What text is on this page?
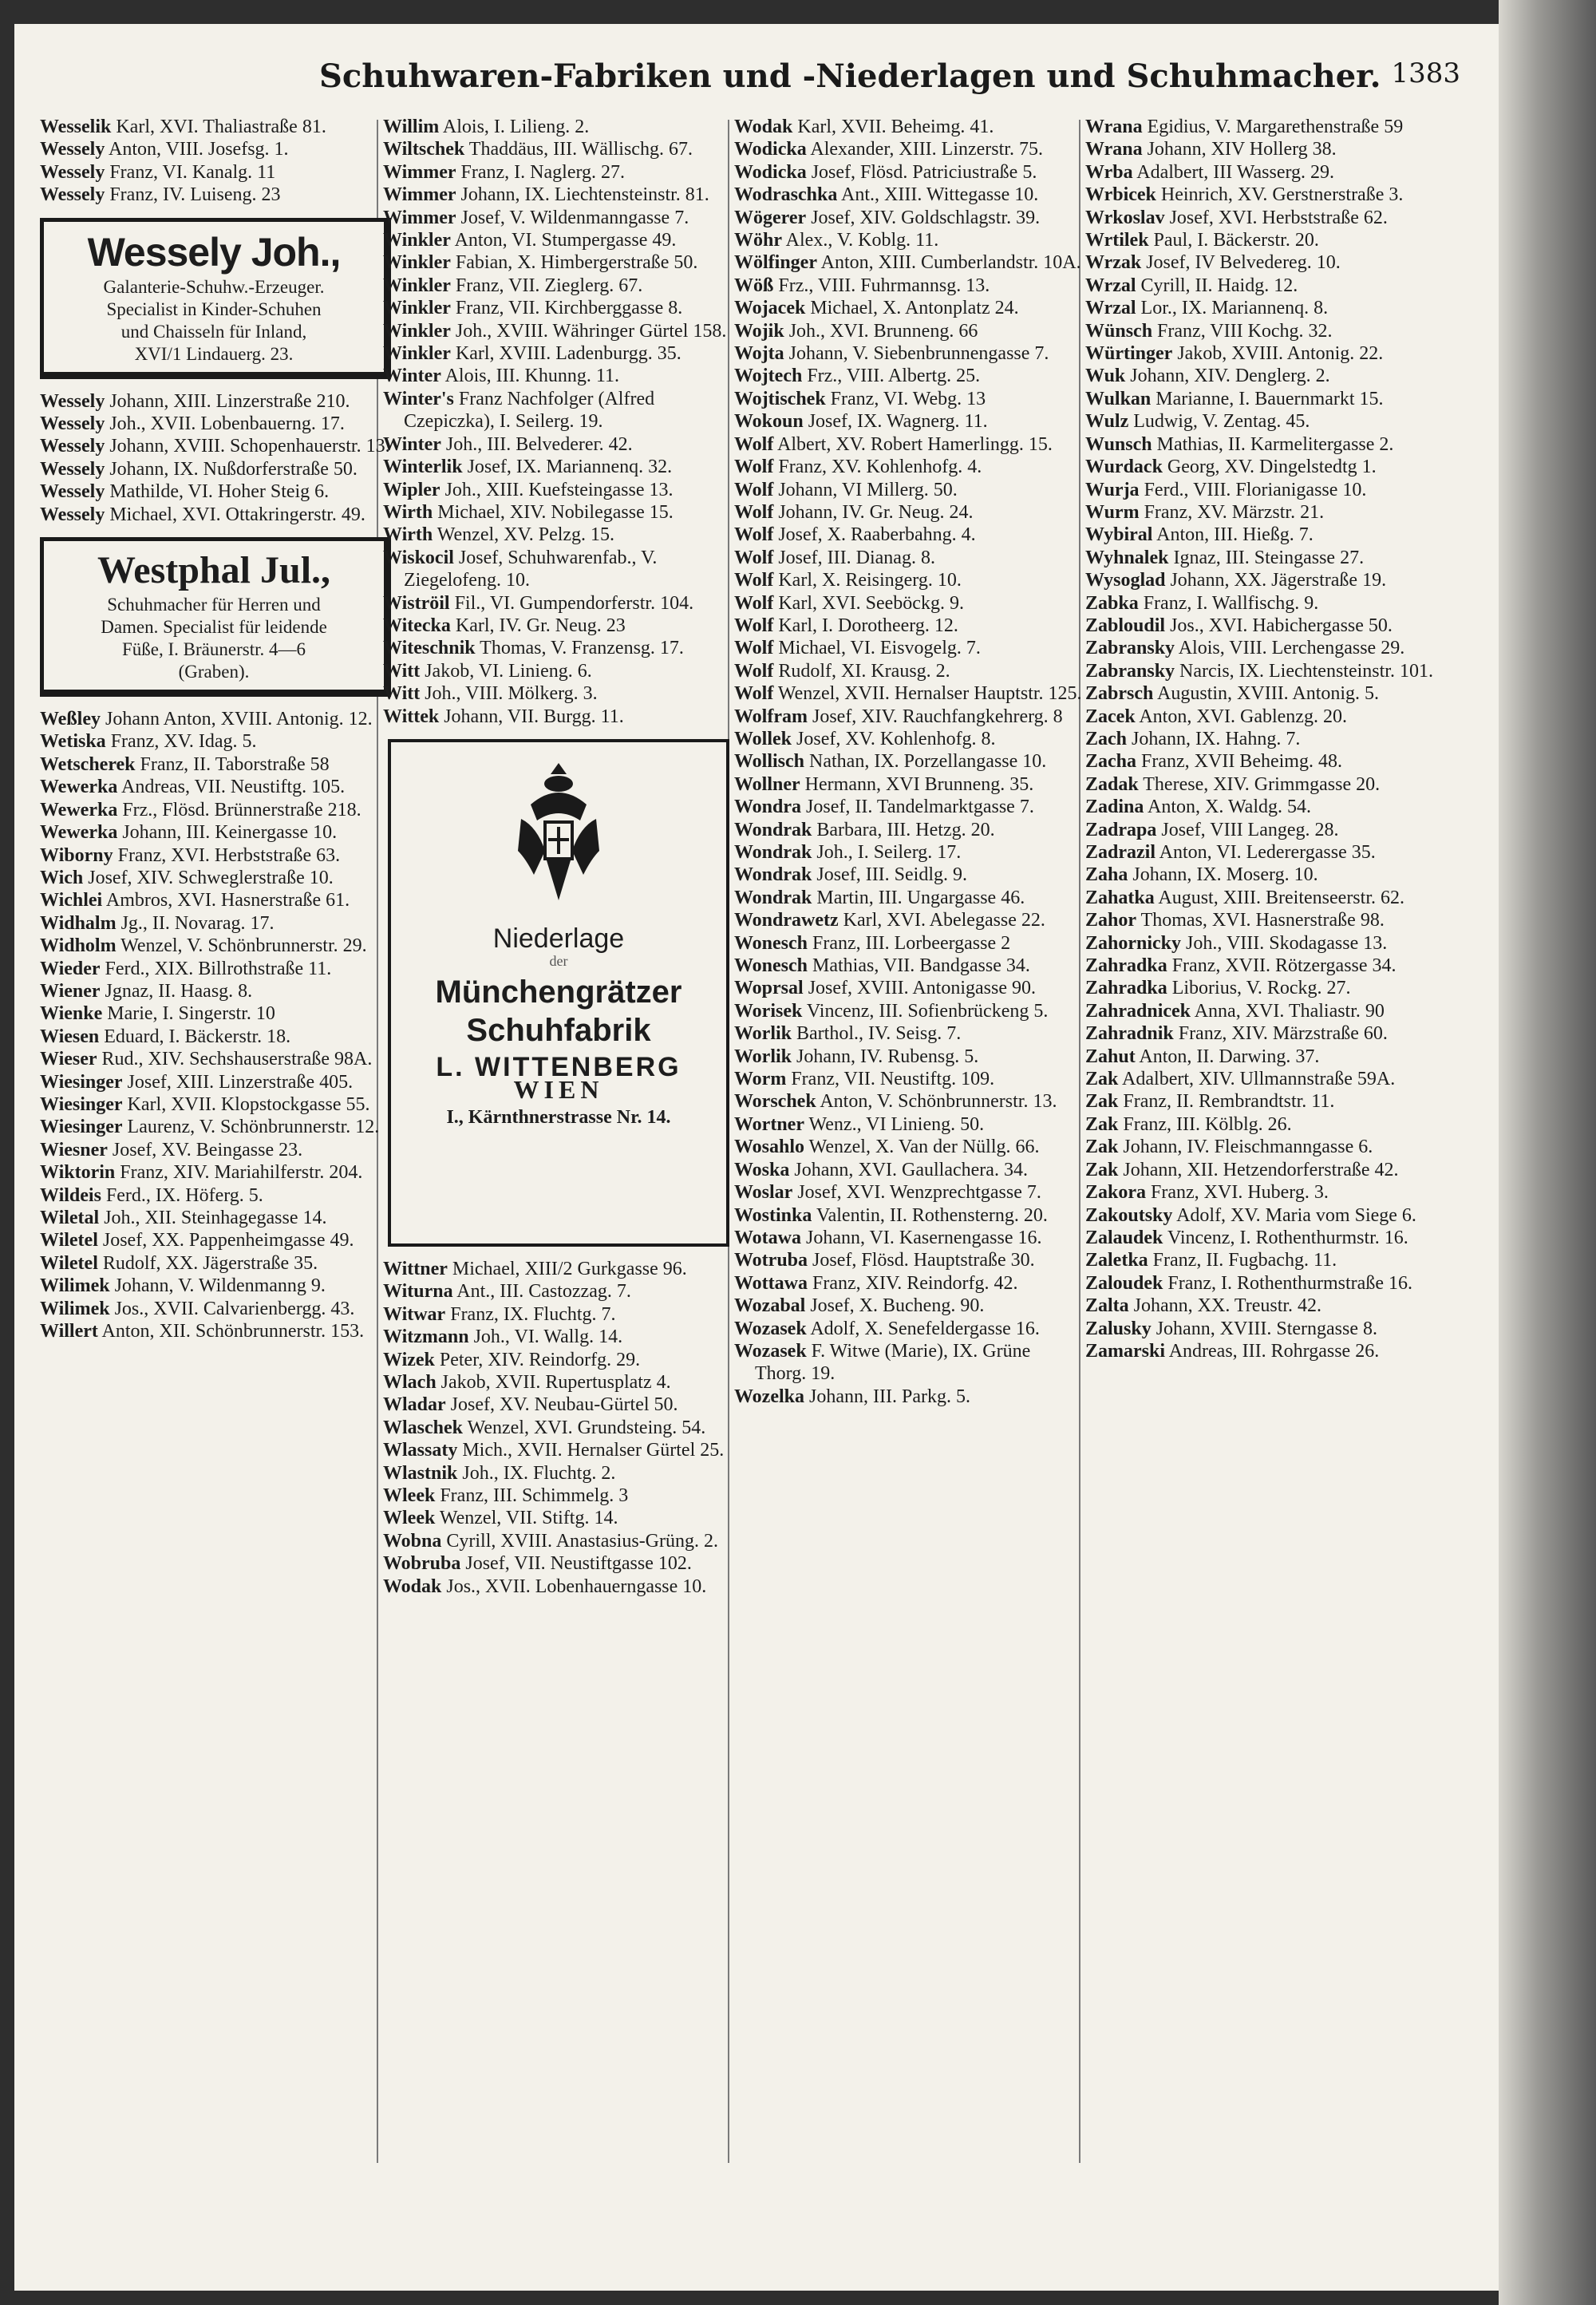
Schuhwaren-Fabriken und -Niederlagen und Schuhmacher. 1383

Wesselik Karl, XVI. Thaliastraße 81.

Wessely Anton, VIII. Josefsg. 1.

Wessely Franz, VI. Kanalg. 11

Wessely Franz, IV. Luiseng. 23

Wessely Joh.,
Galanterie-Schuhw.-Erzeuger.
Specialist in Kinder-Schuhen
und Chaisseln für Inland,
XVI/1 Lindauerg. 23.

Wessely Johann, XIII. Linzerstraße 210.

Wessely Joh., XVII. Lobenbauerng. 17.

Wessely Johann, XVIII. Schopenhauerstr. 13.

Wessely Johann, IX. Nußdorferstraße 50.

Wessely Mathilde, VI. Hoher Steig 6.

Wessely Michael, XVI. Ottakringerstr. 49.

Westphal Jul.,
Schuhmacher für Herren und
Damen. Specialist für leidende
Füße, I. Bräunerstr. 4—6
(Graben).

Weßley Johann Anton, XVIII. Antonig. 12.

Wetiska Franz, XV. Idag. 5.

Wetscherek Franz, II. Taborstraße 58

Wewerka Andreas, VII. Neustiftg. 105.

Wewerka Frz., Flösd. Brünnerstraße 218.

Wewerka Johann, III. Keinergasse 10.

Wiborny Franz, XVI. Herbststraße 63.

Wich Josef, XIV. Schweglerstraße 10.

Wichlei Ambros, XVI. Hasnerstraße 61.

Widhalm Jg., II. Novarag. 17.

Widholm Wenzel, V. Schönbrunnerstr. 29.

Wieder Ferd., XIX. Billrothstraße 11.

Wiener Jgnaz, II. Haasg. 8.

Wienke Marie, I. Singerstr. 10

Wiesen Eduard, I. Bäckerstr. 18.

Wieser Rud., XIV. Sechshauserstraße 98A.

Wiesinger Josef, XIII. Linzerstraße 405.

Wiesinger Karl, XVII. Klopstockgasse 55.

Wiesinger Laurenz, V. Schönbrunnerstr. 12.

Wiesner Josef, XV. Beingasse 23.

Wiktorin Franz, XIV. Mariahilferstr. 204.

Wildeis Ferd., IX. Höferg. 5.

Wiletal Joh., XII. Steinhagegasse 14.

Wiletel Josef, XX. Pappenheimgasse 49.

Wiletel Rudolf, XX. Jägerstraße 35.

Wilimek Johann, V. Wildenmanng 9.

Wilimek Jos., XVII. Calvarienbergg. 43.

Willert Anton, XII. Schönbrunnerstr. 153.

Willim Alois, I. Lilieng. 2.

Wiltschek Thaddäus, III. Wällischg. 67.

Wimmer Franz, I. Naglerg. 27.

Wimmer Johann, IX. Liechtensteinstr. 81.

Wimmer Josef, V. Wildenmanngasse 7.

Winkler Anton, VI. Stumpergasse 49.

Winkler Fabian, X. Himbergerstraße 50.

Winkler Franz, VII. Zieglerg. 67.

Winkler Franz, VII. Kirchberggasse 8.

Winkler Joh., XVIII. Währinger Gürtel 158.

Winkler Karl, XVIII. Ladenburgg. 35.

Winter Alois, III. Khunng. 11.

Winter's Franz Nachfolger (Alfred Czepiczka), I. Seilerg. 19.

Winter Joh., III. Belvederег. 42.

Winterlik Josef, IX. Mariannenq. 32.

Wipler Joh., XIII. Kuefsteingasse 13.

Wirth Michael, XIV. Nobilegasse 15.

Wirth Wenzel, XV. Pelzg. 15.

Wiskocil Josef, Schuhwarenfab., V. Ziegelofeng. 10.

Wiströil Fil., VI. Gumpendorferstr. 104.

Witecka Karl, IV. Gr. Neug. 23

Witeschnik Thomas, V. Franzensg. 17.

Witt Jakob, VI. Linieng. 6.

Witt Joh., VIII. Mölkerg. 3.

Wittek Johann, VII. Burgg. 11.

Niederlage
der
Münchengrätzer
Schuhfabrik
L. WITTENBERG
WIEN
I., Kärnthnerstrasse Nr. 14.

Wittner Michael, XIII/2 Gurkgasse 96.

Witurna Ant., III. Castozzag. 7.

Witwar Franz, IX. Fluchtg. 7.

Witzmann Joh., VI. Wallg. 14.

Wizek Peter, XIV. Reindorfg. 29.

Wlach Jakob, XVII. Rupertusplatz 4.

Wladar Josef, XV. Neubau-Gürtel 50.

Wlaschek Wenzel, XVI. Grundsteing. 54.

Wlassaty Mich., XVII. Hernalser Gürtel 25.

Wlastnik Joh., IX. Fluchtg. 2.

Wleek Franz, III. Schimmelg. 3

Wleek Wenzel, VII. Stiftg. 14.

Wobna Cyrill, XVIII. Anastasius-Grüng. 2.

Wobruba Josef, VII. Neustiftgasse 102.

Wodak Jos., XVII. Lobenhauerngasse 10.

Wodak Karl, XVII. Beheimg. 41.

Wodicka Alexander, XIII. Linzerstr. 75.

Wodicka Josef, Flösd. Patriciustraße 5.

Wodraschka Ant., XIII. Wittegasse 10.

Wögerer Josef, XIV. Goldschlagstr. 39.

Wöhr Alex., V. Koblg. 11.

Wölfinger Anton, XIII. Cumberlandstr. 10A.

Wöß Frz., VIII. Fuhrmannsg. 13.

Wojacek Michael, X. Antonplatz 24.

Wojik Joh., XVI. Brunneng. 66

Wojta Johann, V. Siebenbrunnengasse 7.

Wojtech Frz., VIII. Albertg. 25.

Wojtischek Franz, VI. Webg. 13

Wokoun Josef, IX. Wagnerg. 11.

Wolf Albert, XV. Robert Hamerlingg. 15.

Wolf Franz, XV. Kohlenhofg. 4.

Wolf Johann, VI Millerg. 50.

Wolf Johann, IV. Gr. Neug. 24.

Wolf Josef, X. Raaberbahng. 4.

Wolf Josef, III. Dianag. 8.

Wolf Karl, X. Reisingerg. 10.

Wolf Karl, XVI. Seeböckg. 9.

Wolf Karl, I. Dorotheerg. 12.

Wolf Michael, VI. Eisvogelg. 7.

Wolf Rudolf, XI. Krausg. 2.

Wolf Wenzel, XVII. Hernalser Hauptstr. 125.

Wolfram Josef, XIV. Rauchfangkehrerg. 8

Wollek Josef, XV. Kohlenhofg. 8.

Wollisch Nathan, IX. Porzellangasse 10.

Wollner Hermann, XVI Brunneng. 35.

Wondra Josef, II. Tandelmarktgasse 7.

Wondrak Barbara, III. Hetzg. 20.

Wondrak Joh., I. Seilerg. 17.

Wondrak Josef, III. Seidlg. 9.

Wondrak Martin, III. Ungargasse 46.

Wondrawetz Karl, XVI. Abelegasse 22.

Wonesch Franz, III. Lorbeergasse 2

Wonesch Mathias, VII. Bandgasse 34.

Woprsal Josef, XVIII. Antonigasse 90.

Worisek Vincenz, III. Sofienbrückeng 5.

Worlik Barthol., IV. Seisg. 7.

Worlik Johann, IV. Rubensg. 5.

Worm Franz, VII. Neustiftg. 109.

Worschek Anton, V. Schönbrunnerstr. 13.

Wortner Wenz., VI Linieng. 50.

Wosahlo Wenzel, X. Van der Nüllg. 66.

Woska Johann, XVI. Gaullachera. 34.

Woslar Josef, XVI. Wenzprechtgasse 7.

Wostinka Valentin, II. Rothensterng. 20.

Wotawa Johann, VI. Kasernengasse 16.

Wotruba Josef, Flösd. Hauptstraße 30.

Wottawa Franz, XIV. Reindorfg. 42.

Wozabal Josef, X. Bucheng. 90.

Wozasek Adolf, X. Senefeldergasse 16.

Wozasek F. Witwe (Marie), IX. Grüne Thorg. 19.

Wozelka Johann, III. Parkg. 5.

Wrana Egidius, V. Margarethenstraße 59

Wrana Johann, XIV Hollerg 38.

Wrba Adalbert, III Wasserg. 29.

Wrbicek Heinrich, XV. Gerstnerstraße 3.

Wrkoslav Josef, XVI. Herbststraße 62.

Wrtilek Paul, I. Bäckerstr. 20.

Wrzak Josef, IV Belvedereg. 10.

Wrzal Cyrill, II. Haidg. 12.

Wrzal Lor., IX. Mariannenq. 8.

Wünsch Franz, VIII Kochg. 32.

Würtinger Jakob, XVIII. Antonig. 22.

Wuk Johann, XIV. Denglerg. 2.

Wulkan Marianne, I. Bauernmarkt 15.

Wulz Ludwig, V. Zentag. 45.

Wunsch Mathias, II. Karmelitergasse 2.

Wurdack Georg, XV. Dingelstedtg 1.

Wurja Ferd., VIII. Florianigasse 10.

Wurm Franz, XV. Märzstr. 21.

Wybiral Anton, III. Hießg. 7.

Wyhnalek Ignaz, III. Steingasse 27.

Wysoglad Johann, XX. Jägerstraße 19.

Zabka Franz, I. Wallfischg. 9.

Zabloudil Jos., XVI. Habichergasse 50.

Zabransky Alois, VIII. Lerchengasse 29.

Zabransky Narcis, IX. Liechtensteinstr. 101.

Zabrsch Augustin, XVIII. Antonig. 5.

Zacek Anton, XVI. Gablenzg. 20.

Zach Johann, IX. Hahng. 7.

Zacha Franz, XVII Beheimg. 48.

Zadak Therese, XIV. Grimmgasse 20.

Zadina Anton, X. Waldg. 54.

Zadrapa Josef, VIII Langeg. 28.

Zadrazil Anton, VI. Lederergasse 35.

Zaha Johann, IX. Moserg. 10.

Zahatka August, XIII. Breitenseerstr. 62.

Zahor Thomas, XVI. Hasnerstraße 98.

Zahornicky Joh., VIII. Skodagasse 13.

Zahradka Franz, XVII. Rötzergasse 34.

Zahradka Liborius, V. Rockg. 27.

Zahradnicek Anna, XVI. Thaliastr. 90

Zahradnik Franz, XIV. Märzstraße 60.

Zahut Anton, II. Darwing. 37.

Zak Adalbert, XIV. Ullmannstraße 59A.

Zak Franz, II. Rembrandtstr. 11.

Zak Franz, III. Kölblg. 26.

Zak Johann, IV. Fleischmanngasse 6.

Zak Johann, XII. Hetzendorferstraße 42.

Zakora Franz, XVI. Huberg. 3.

Zakoutsky Adolf, XV. Maria vom Siege 6.

Zalaudek Vincenz, I. Rothenthurmstr. 16.

Zaletka Franz, II. Fugbachg. 11.

Zaloudek Franz, I. Rothenthurmstraße 16.

Zalta Johann, XX. Treustr. 42.

Zalusky Johann, XVIII. Sterngasse 8.

Zamarski Andreas, III. Rohrgasse 26.
